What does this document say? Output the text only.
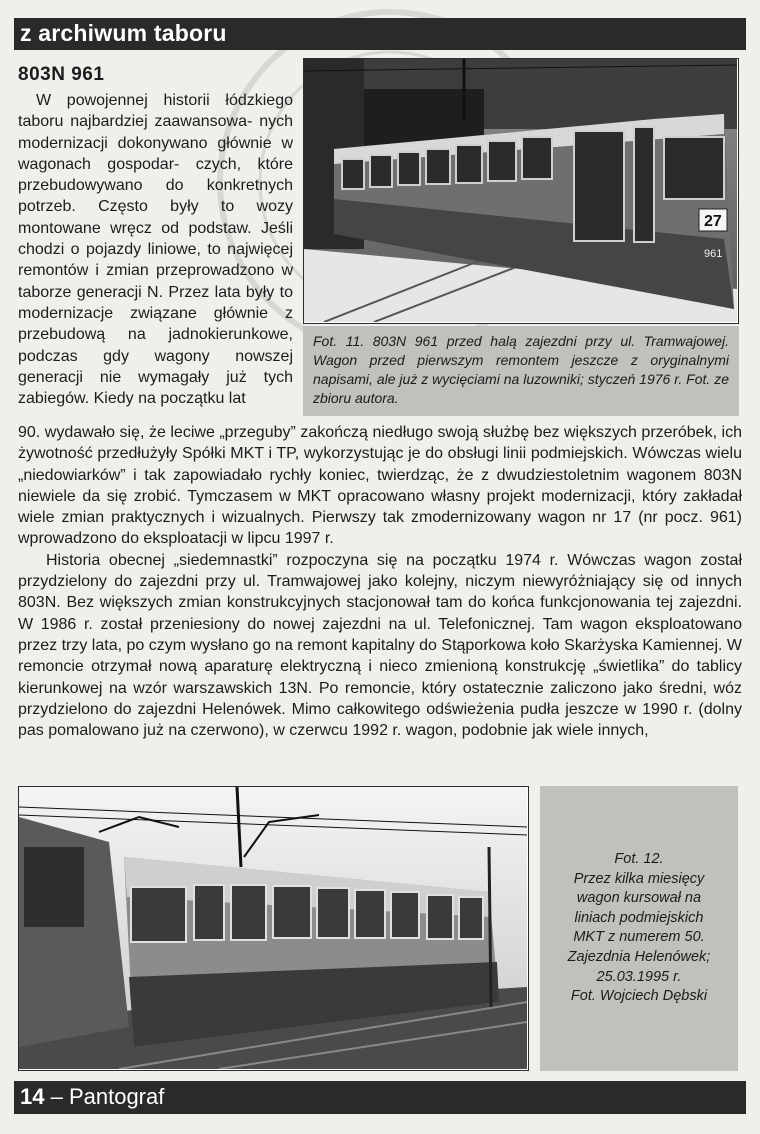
z archiwum taboru
803N 961
W powojennej historii łódzkiego taboru najbardziej zaawansowa- nych modernizacji dokonywano głównie w wagonach gospodar- czych, które przebudowywano do konkretnych potrzeb. Często były to wozy montowane wręcz od podstaw. Jeśli chodzi o pojazdy liniowe, to najwięcej remontów i zmian przeprowadzono w taborze generacji N. Przez lata były to modernizacje związane głównie z przebudową na jadnokierunkowe, podczas gdy wagony nowszej generacji nie wymagały już tych zabiegów. Kiedy na początku lat
27
961
Fot. 11. 803N 961 przed halą zajezdni przy ul. Tramwajowej. Wagon przed pierwszym remontem jeszcze z oryginalnymi napisami, ale już z wycięciami na luzowniki; styczeń 1976 r. Fot. ze zbioru autora.

90. wydawało się, że leciwe „przeguby” zakończą niedługo swoją służbę bez większych przeróbek, ich żywotność przedłużyły Spółki MKT i TP, wykorzystując je do obsługi linii podmiejskich. Wówczas wielu „niedowiarków” i tak zapowiadało rychły koniec, twierdząc, że z dwudziestoletnim wagonem 803N niewiele da się zrobić. Tymczasem w MKT opracowano własny projekt modernizacji, który zakładał wiele zmian praktycznych i wizualnych. Pierwszy tak zmodernizowany wagon nr 17 (nr pocz. 961) wprowadzono do eksploatacji w lipcu 1997 r.

Historia obecnej „siedemnastki” rozpoczyna się na początku 1974 r. Wówczas wagon został przydzielony do zajezdni przy ul. Tramwajowej jako kolejny, niczym niewyróżniający się od innych 803N. Bez większych zmian konstrukcyjnych stacjonował tam do końca funkcjonowania tej zajezdni. W 1986 r. został przeniesiony do nowej zajezdni na ul. Telefonicznej. Tam wagon eksploatowano przez trzy lata, po czym wysłano go na remont kapitalny do Stąporkowa koło Skarżyska Kamiennej. W remoncie otrzymał nową aparaturę elektryczną i nieco zmienioną konstrukcję „świetlika” do tablicy kierunkowej na wzór warszawskich 13N. Po remoncie, który ostatecznie zaliczono jako średni, wóz przydzielono do zajezdni Helenówek. Mimo całkowitego odświeżenia pudła jeszcze w 1990 r. (dolny pas pomalowano już na czerwono), w czerwcu 1992 r. wagon, podobnie jak wiele innych,

Fot. 12.
Przez kilka miesięcy
wagon kursował na
liniach podmiejskich
MKT z numerem 50.
Zajezdnia Helenówek;
25.03.1995 r.
Fot. Wojciech Dębski
14 – Pantograf
